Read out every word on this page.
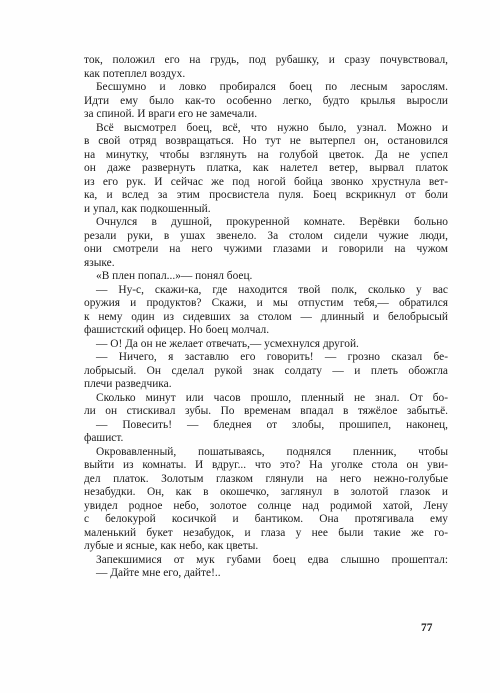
ток, положил его на грудь, под рубашку, и сразу почувствовал,
как потеплел воздух.
Бесшумно и ловко пробирался боец по лесным зарослям.
Идти ему было как-то особенно легко, будто крылья выросли
за спиной. И враги его не замечали.
Всё высмотрел боец, всё, что нужно было, узнал. Можно и
в свой отряд возвращаться. Но тут не вытерпел он, остановился
на минутку, чтобы взглянуть на голубой цветок. Да не успел
он даже развернуть платка, как налетел ветер, вырвал платок
из его рук. И сейчас же под ногой бойца звонко хрустнула вет-
ка, и вслед за этим просвистела пуля. Боец вскрикнул от боли
и упал, как подкошенный.
Очнулся в душной, прокуренной комнате. Верёвки больно
резали руки, в ушах звенело. За столом сидели чужие люди,
они смотрели на него чужими глазами и говорили на чужом
языке.
«В плен попал...»— понял боец.
— Ну-с, скажи-ка, где находится твой полк, сколько у вас
оружия и продуктов? Скажи, и мы отпустим тебя,— обратился
к нему один из сидевших за столом — длинный и белобрысый
фашистский офицер. Но боец молчал.
— О! Да он не желает отвечать,— усмехнулся другой.
— Ничего, я заставлю его говорить! — грозно сказал бе-
лобрысый. Он сделал рукой знак солдату — и плеть обожгла
плечи разведчика.
Сколько минут или часов прошло, пленный не знал. От бо-
ли он стискивал зубы. По временам впадал в тяжёлое забытьё.
— Повесить! — бледнея от злобы, прошипел, наконец,
фашист.
Окровавленный, пошатываясь, поднялся пленник, чтобы
выйти из комнаты. И вдруг... что это? На уголке стола он уви-
дел платок. Золотым глазком глянули на него нежно-голубые
незабудки. Он, как в окошечко, заглянул в золотой глазок и
увидел родное небо, золотое солнце над родимой хатой, Лену
с белокурой косичкой и бантиком. Она протягивала ему
маленький букет незабудок, и глаза у нее были такие же го-
лубые и ясные, как небо, как цветы.
Запекшимися от мук губами боец едва слышно прошептал:
— Дайте мне его, дайте!..
77
